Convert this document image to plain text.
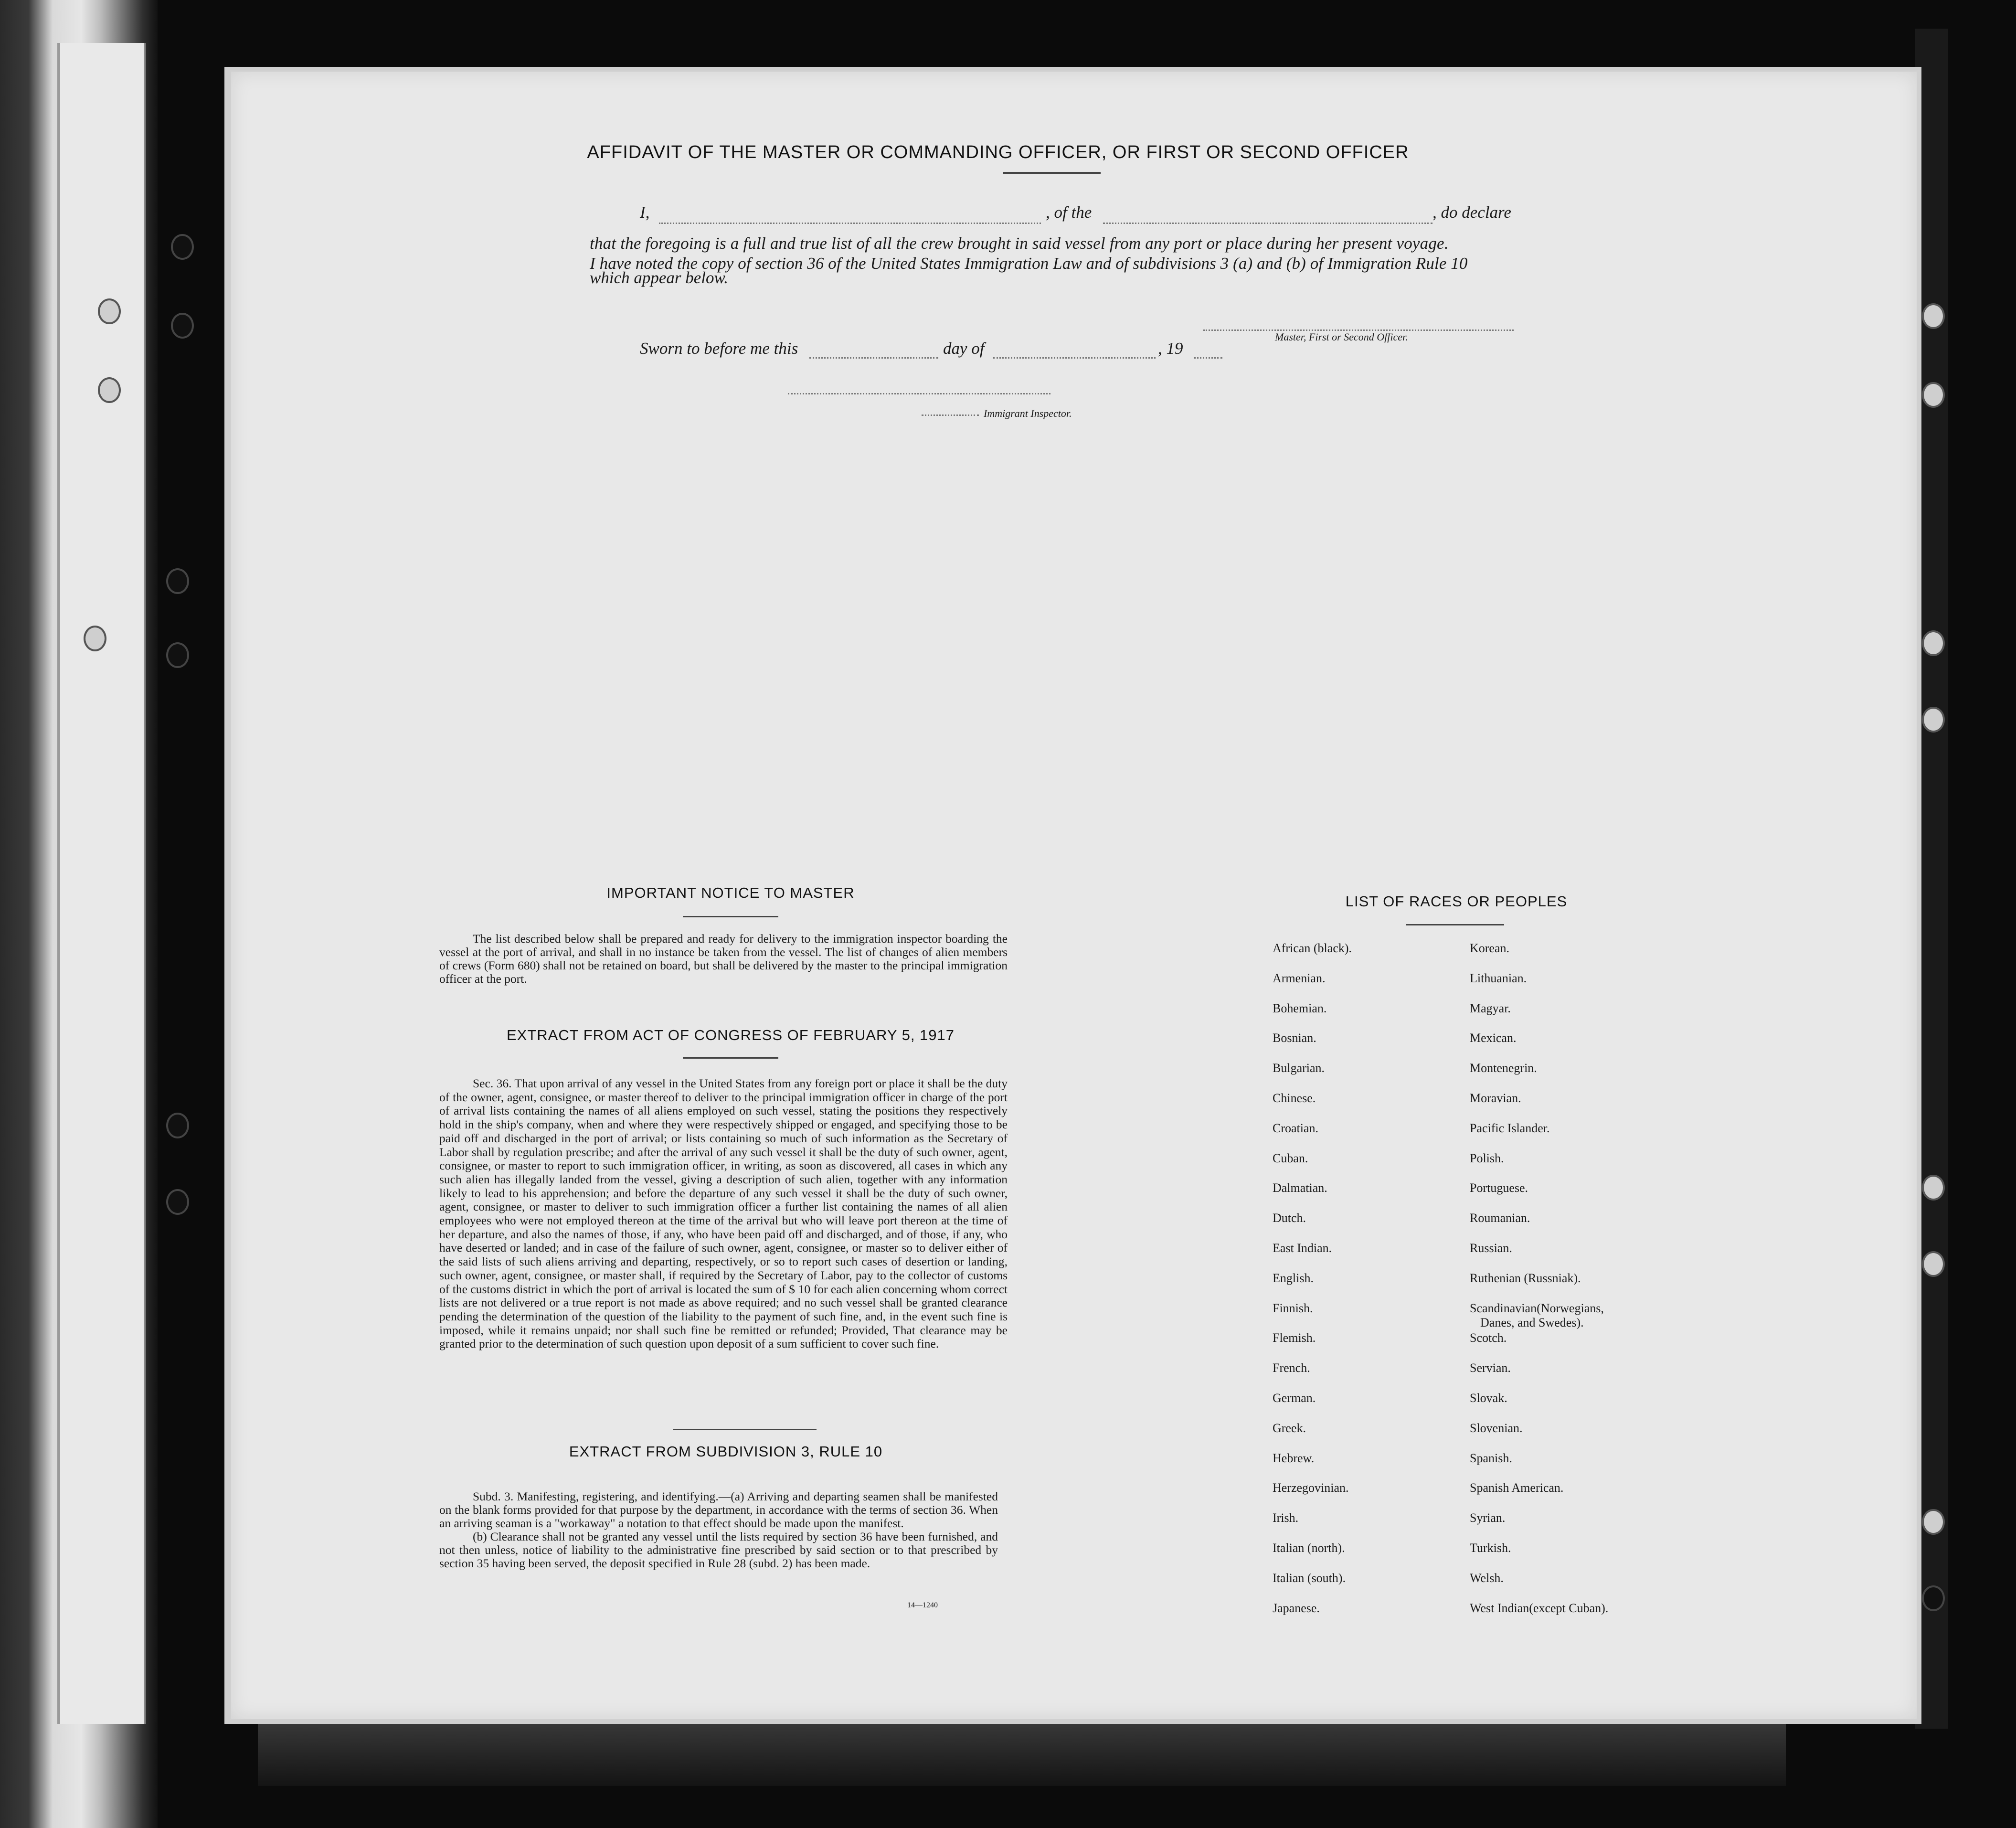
AFFIDAVIT OF THE MASTER OR COMMANDING OFFICER, OR FIRST OR SECOND OFFICER
I,	, of the	, do declare
that the foregoing is a full and true list of all the crew brought in said vessel from any port or place during her present voyage.
I have noted the copy of section 36 of the United States Immigration Law and of subdivisions 3 (a) and (b) of Immigration Rule 10
which appear below.
Master, First or Second Officer.
Sworn to before me this	day of	, 19
Immigrant Inspector.
IMPORTANT NOTICE TO MASTER

The list described below shall be prepared and ready for delivery to the immigration inspector boarding the vessel at the port of arrival, and shall in no instance be taken from the vessel. The list of changes of alien members of crews (Form 680) shall not be retained on board, but shall be delivered by the master to the principal immigration officer at the port.

EXTRACT FROM ACT OF CONGRESS OF FEBRUARY 5, 1917

Sec. 36. That upon arrival of any vessel in the United States from any foreign port or place it shall be the duty of the owner, agent, consignee, or master thereof to deliver to the principal immigration officer in charge of the port of arrival lists containing the names of all aliens employed on such vessel, stating the positions they respectively hold in the ship's company, when and where they were respectively shipped or engaged, and specifying those to be paid off and discharged in the port of arrival; or lists containing so much of such information as the Secretary of Labor shall by regulation prescribe; and after the arrival of any such vessel it shall be the duty of such owner, agent, consignee, or master to report to such immigration officer, in writing, as soon as discovered, all cases in which any such alien has illegally landed from the vessel, giving a description of such alien, together with any information likely to lead to his apprehension; and before the departure of any such vessel it shall be the duty of such owner, agent, consignee, or master to deliver to such immigration officer a further list containing the names of all alien employees who were not employed thereon at the time of the arrival but who will leave port thereon at the time of her departure, and also the names of those, if any, who have been paid off and discharged, and of those, if any, who have deserted or landed; and in case of the failure of such owner, agent, consignee, or master so to deliver either of the said lists of such aliens arriving and departing, respectively, or so to report such cases of desertion or landing, such owner, agent, consignee, or master shall, if required by the Secretary of Labor, pay to the collector of customs of the customs district in which the port of arrival is located the sum of $ 10 for each alien concerning whom correct lists are not delivered or a true report is not made as above required; and no such vessel shall be granted clearance pending the determination of the question of the liability to the payment of such fine, and, in the event such fine is imposed, while it remains unpaid; nor shall such fine be remitted or refunded; Provided, That clearance may be granted prior to the determination of such question upon deposit of a sum sufficient to cover such fine.

EXTRACT FROM SUBDIVISION 3, RULE 10

Subd. 3. Manifesting, registering, and identifying.—(a) Arriving and departing seamen shall be manifested on the blank forms provided for that purpose by the department, in accordance with the terms of section 36. When an arriving seaman is a "workaway" a notation to that effect should be made upon the manifest.

(b) Clearance shall not be granted any vessel until the lists required by section 36 have been furnished, and not then unless, notice of liability to the administrative fine prescribed by said section or to that prescribed by section 35 having been served, the deposit specified in Rule 28 (subd. 2) has been made.

14—1240
LIST OF RACES OR PEOPLES
African (black).
Armenian.
Bohemian.
Bosnian.
Bulgarian.
Chinese.
Croatian.
Cuban.
Dalmatian.
Dutch.
East Indian.
English.
Finnish.
Flemish.
French.
German.
Greek.
Hebrew.
Herzegovinian.
Irish.
Italian (north).
Italian (south).
Japanese.
Korean.
Lithuanian.
Magyar.
Mexican.
Montenegrin.
Moravian.
Pacific Islander.
Polish.
Portuguese.
Roumanian.
Russian.
Ruthenian (Russniak).
Scandinavian(Norwegians,
Danes, and Swedes).
Scotch.
Servian.
Slovak.
Slovenian.
Spanish.
Spanish American.
Syrian.
Turkish.
Welsh.
West Indian(except Cuban).
